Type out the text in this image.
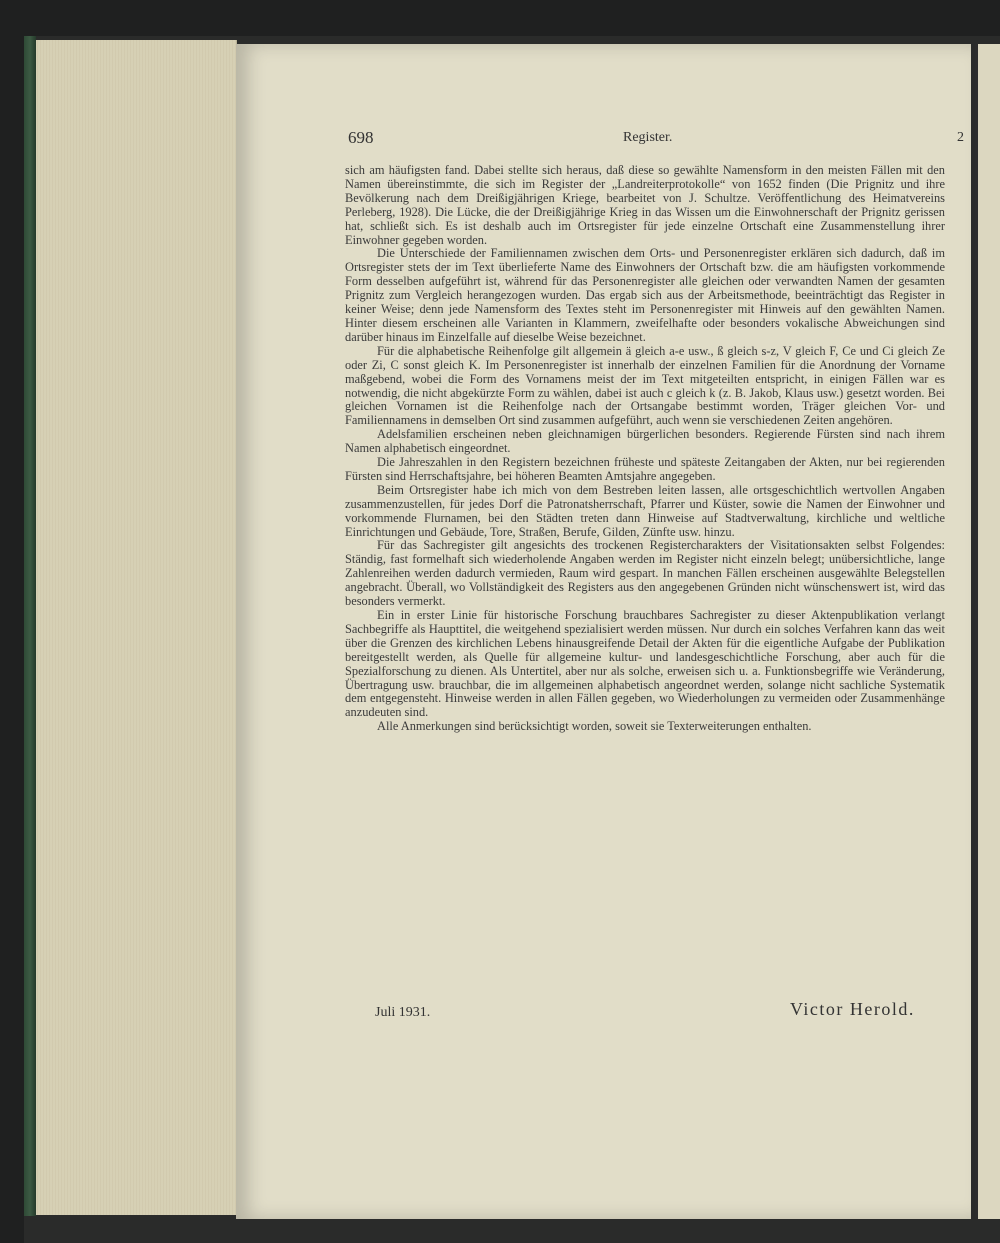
698	Register.	2

sich am häufigsten fand. Dabei stellte sich heraus, daß diese so gewählte Namensform in den meisten Fällen mit den Namen übereinstimmte, die sich im Register der „Landreiterprotokolle“ von 1652 finden (Die Prignitz und ihre Bevölkerung nach dem Dreißigjährigen Kriege, bearbeitet von J. Schultze. Veröffentlichung des Heimatvereins Perleberg, 1928). Die Lücke, die der Dreißigjährige Krieg in das Wissen um die Einwohnerschaft der Prignitz gerissen hat, schließt sich. Es ist deshalb auch im Ortsregister für jede einzelne Ortschaft eine Zusammenstellung ihrer Einwohner gegeben worden.

Die Unterschiede der Familiennamen zwischen dem Orts- und Personenregister erklären sich dadurch, daß im Ortsregister stets der im Text überlieferte Name des Einwohners der Ortschaft bzw. die am häufigsten vorkommende Form desselben aufgeführt ist, während für das Personenregister alle gleichen oder verwandten Namen der gesamten Prignitz zum Vergleich herangezogen wurden. Das ergab sich aus der Arbeitsmethode, beeinträchtigt das Register in keiner Weise; denn jede Namensform des Textes steht im Personenregister mit Hinweis auf den gewählten Namen. Hinter diesem erscheinen alle Varianten in Klammern, zweifelhafte oder besonders vokalische Abweichungen sind darüber hinaus im Einzelfalle auf dieselbe Weise bezeichnet.

Für die alphabetische Reihenfolge gilt allgemein ä gleich a-e usw., ß gleich s-z, V gleich F, Ce und Ci gleich Ze oder Zi, C sonst gleich K. Im Personenregister ist innerhalb der einzelnen Familien für die Anordnung der Vorname maßgebend, wobei die Form des Vornamens meist der im Text mitgeteilten entspricht, in einigen Fällen war es notwendig, die nicht abgekürzte Form zu wählen, dabei ist auch c gleich k (z. B. Jakob, Klaus usw.) gesetzt worden. Bei gleichen Vornamen ist die Reihenfolge nach der Ortsangabe bestimmt worden, Träger gleichen Vor- und Familiennamens in demselben Ort sind zusammen aufgeführt, auch wenn sie verschiedenen Zeiten angehören.

Adelsfamilien erscheinen neben gleichnamigen bürgerlichen besonders. Regierende Fürsten sind nach ihrem Namen alphabetisch eingeordnet.

Die Jahreszahlen in den Registern bezeichnen früheste und späteste Zeitangaben der Akten, nur bei regierenden Fürsten sind Herrschaftsjahre, bei höheren Beamten Amtsjahre angegeben.

Beim Ortsregister habe ich mich von dem Bestreben leiten lassen, alle ortsgeschichtlich wertvollen Angaben zusammenzustellen, für jedes Dorf die Patronatsherrschaft, Pfarrer und Küster, sowie die Namen der Einwohner und vorkommende Flurnamen, bei den Städten treten dann Hinweise auf Stadtverwaltung, kirchliche und weltliche Einrichtungen und Gebäude, Tore, Straßen, Berufe, Gilden, Zünfte usw. hinzu.

Für das Sachregister gilt angesichts des trockenen Registercharakters der Visitationsakten selbst Folgendes: Ständig, fast formelhaft sich wiederholende Angaben werden im Register nicht einzeln belegt; unübersichtliche, lange Zahlenreihen werden dadurch vermieden, Raum wird gespart. In manchen Fällen erscheinen ausgewählte Belegstellen angebracht. Überall, wo Vollständigkeit des Registers aus den angegebenen Gründen nicht wünschenswert ist, wird das besonders vermerkt.

Ein in erster Linie für historische Forschung brauchbares Sachregister zu dieser Aktenpublikation verlangt Sachbegriffe als Haupttitel, die weitgehend spezialisiert werden müssen. Nur durch ein solches Verfahren kann das weit über die Grenzen des kirchlichen Lebens hinausgreifende Detail der Akten für die eigentliche Aufgabe der Publikation bereitgestellt werden, als Quelle für allgemeine kultur- und landesgeschichtliche Forschung, aber auch für die Spezialforschung zu dienen. Als Untertitel, aber nur als solche, erweisen sich u. a. Funktionsbegriffe wie Veränderung, Übertragung usw. brauchbar, die im allgemeinen alphabetisch angeordnet werden, solange nicht sachliche Systematik dem entgegensteht. Hinweise werden in allen Fällen gegeben, wo Wiederholungen zu vermeiden oder Zusammenhänge anzudeuten sind.

Alle Anmerkungen sind berücksichtigt worden, soweit sie Texterweiterungen enthalten.

Juli 1931.	Victor Herold.
